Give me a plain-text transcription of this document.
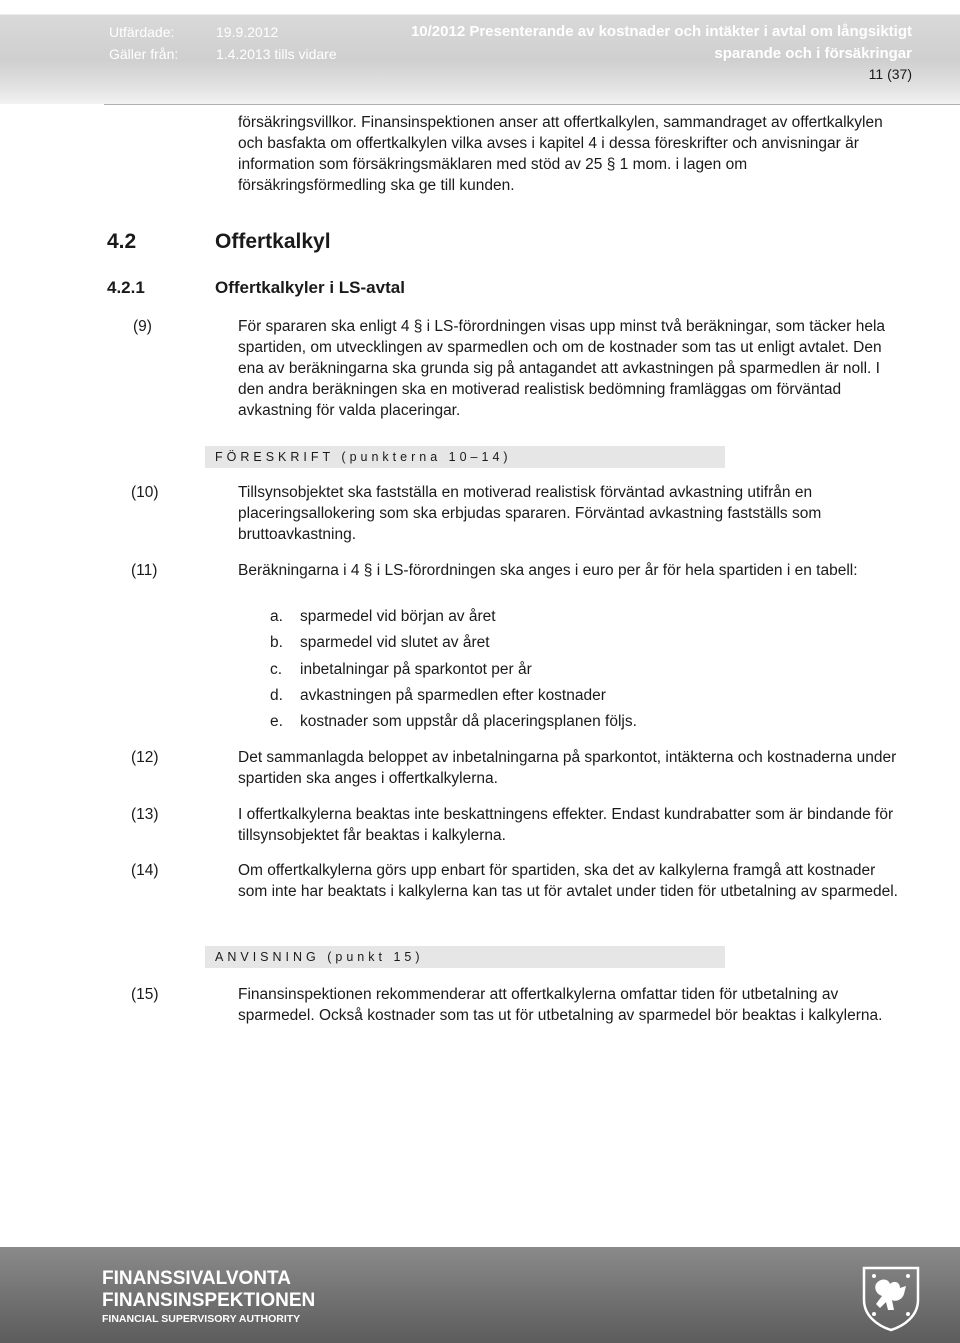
Utfärdade:	19.9.2012
Gäller från:	1.4.2013 tills vidare
10/2012 Presenterande av kostnader och intäkter i avtal om långsiktigt
sparande och i försäkringar
11 (37)

försäkringsvillkor. Finansinspektionen anser att offertkalkylen, sammandraget av offertkalkylen och basfakta om offertkalkylen vilka avses i kapitel 4 i dessa föreskrifter och anvisningar är information som försäkringsmäklaren med stöd av 25 § 1 mom. i lagen om försäkringsförmedling ska ge till kunden.

4.2	Offertkalkyl
4.2.1	Offertkalkyler i LS-avtal
(9)	För spararen ska enligt 4 § i LS-förordningen visas upp minst två beräkningar, som täcker hela spartiden, om utvecklingen av sparmedlen och om de kostnader som tas ut enligt avtalet. Den ena av beräkningarna ska grunda sig på antagandet att avkastningen på sparmedlen är noll. I den andra beräkningen ska en motiverad realistisk bedömning framläggas om förväntad avkastning för valda placeringar.

FÖRESKRIFT (punkterna 10–14)
(10)	Tillsynsobjektet ska fastställa en motiverad realistisk förväntad avkastning utifrån en placeringsallokering som ska erbjudas spararen. Förväntad avkastning fastställs som bruttoavkastning.

(11)	Beräkningarna i 4 § i LS-förordningen ska anges i euro per år för hela spartiden i en tabell:

a. sparmedel vid början av året
b. sparmedel vid slutet av året
c. inbetalningar på sparkontot per år
d. avkastningen på sparmedlen efter kostnader
e. kostnader som uppstår då placeringsplanen följs.
(12)	Det sammanlagda beloppet av inbetalningarna på sparkontot, intäkterna och kostnaderna under spartiden ska anges i offertkalkylerna.

(13)	I offertkalkylerna beaktas inte beskattningens effekter. Endast kundrabatter som är bindande för tillsynsobjektet får beaktas i kalkylerna.

(14)	Om offertkalkylerna görs upp enbart för spartiden, ska det av kalkylerna framgå att kostnader som inte har beaktats i kalkylerna kan tas ut för avtalet under tiden för utbetalning av sparmedel.

ANVISNING (punkt 15)
(15)	Finansinspektionen rekommenderar att offertkalkylerna omfattar tiden för utbetalning av sparmedel. Också kostnader som tas ut för utbetalning av sparmedel bör beaktas i kalkylerna.

FINANSSIVALVONTA
FINANSINSPEKTIONEN
FINANCIAL SUPERVISORY AUTHORITY
